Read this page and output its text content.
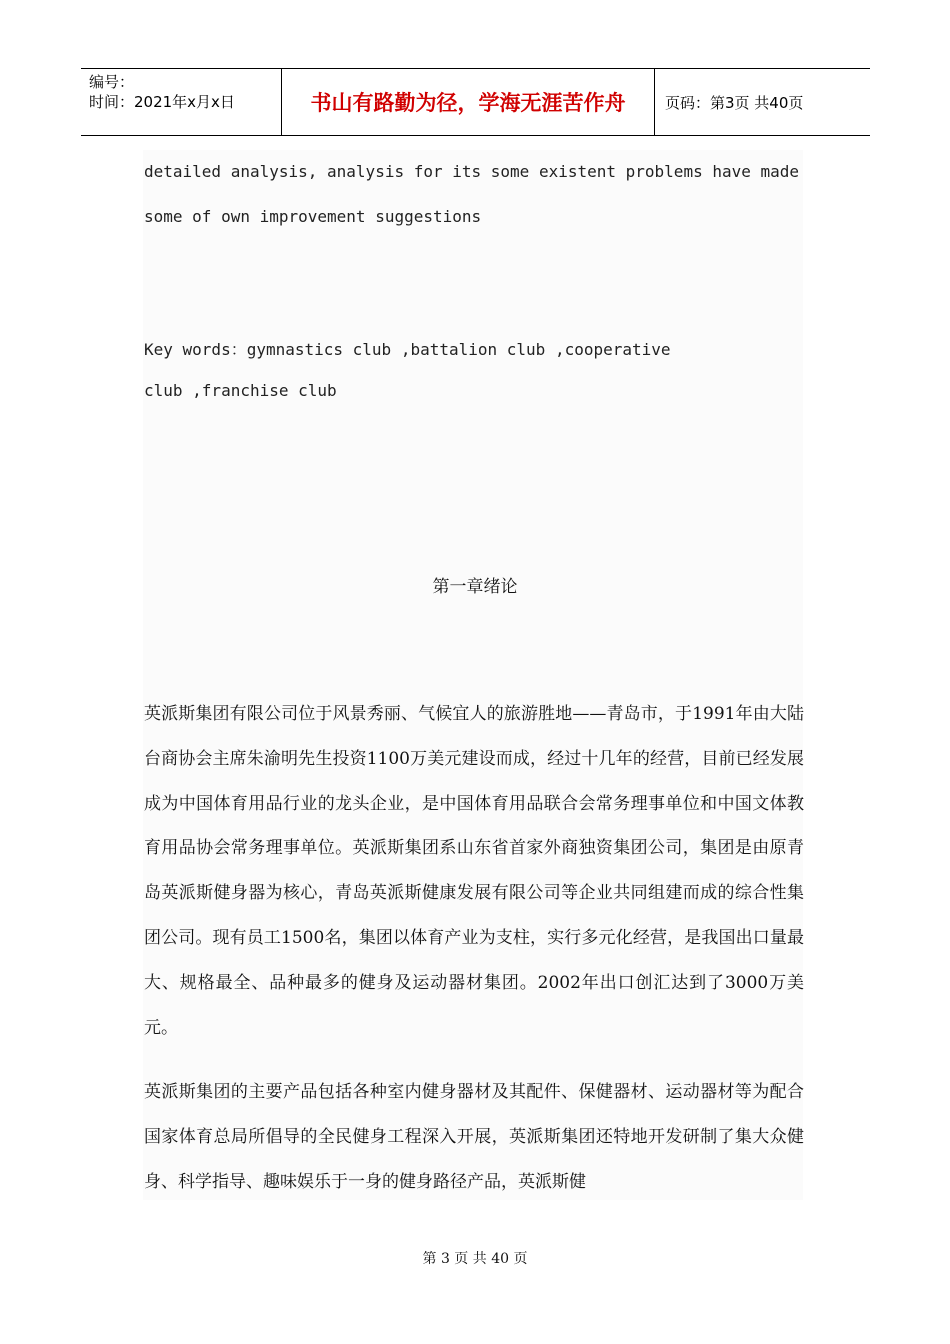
编号：
时间：2021年x月x日	书山有路勤为径，学海无涯苦作舟	页码：第3页 共40页
detailed analysis, analysis for its some existent problems have made
some of own improvement suggestions
Key words：gymnastics club ,battalion club ,cooperative
club ,franchise club
第一章绪论
英派斯集团有限公司位于风景秀丽、气候宜人的旅游胜地——青岛市，于1991年由大陆台商协会主席朱渝明先生投资1100万美元建设而成，经过十几年的经营，目前已经发展成为中国体育用品行业的龙头企业，是中国体育用品联合会常务理事单位和中国文体教育用品协会常务理事单位。英派斯集团系山东省首家外商独资集团公司，集团是由原青岛英派斯健身器为核心，青岛英派斯健康发展有限公司等企业共同组建而成的综合性集团公司。现有员工1500名，集团以体育产业为支柱，实行多元化经营，是我国出口量最大、规格最全、品种最多的健身及运动器材集团。2002年出口创汇达到了3000万美元。
英派斯集团的主要产品包括各种室内健身器材及其配件、保健器材、运动器材等为配合国家体育总局所倡导的全民健身工程深入开展，英派斯集团还特地开发研制了集大众健身、科学指导、趣味娱乐于一身的健身路径产品，英派斯健
第 3 页 共 40 页
